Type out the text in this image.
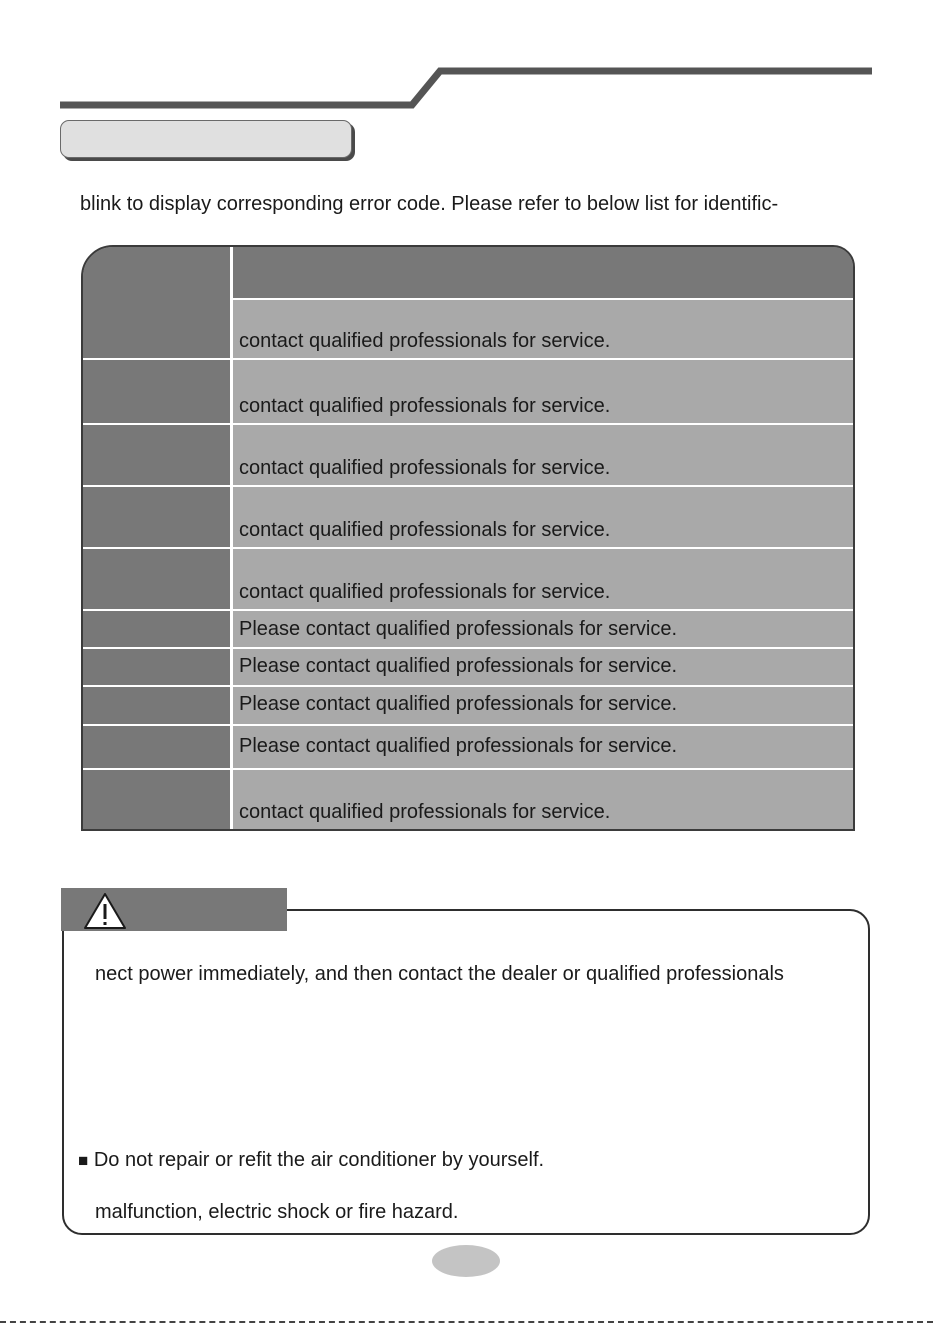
blink to display corresponding error code. Please refer to below list for identific-
contact qualified professionals for service.
contact qualified professionals for service.
contact qualified professionals for service.
contact qualified professionals for service.
contact qualified professionals for service.
Please contact qualified professionals for service.
Please contact qualified professionals for service.
Please contact qualified professionals for service.
Please contact qualified professionals for service.
contact qualified professionals for service.
nect power immediately, and then contact the dealer or qualified professionals
■ Do not repair or refit the air conditioner by yourself.
malfunction, electric shock or fire hazard.
